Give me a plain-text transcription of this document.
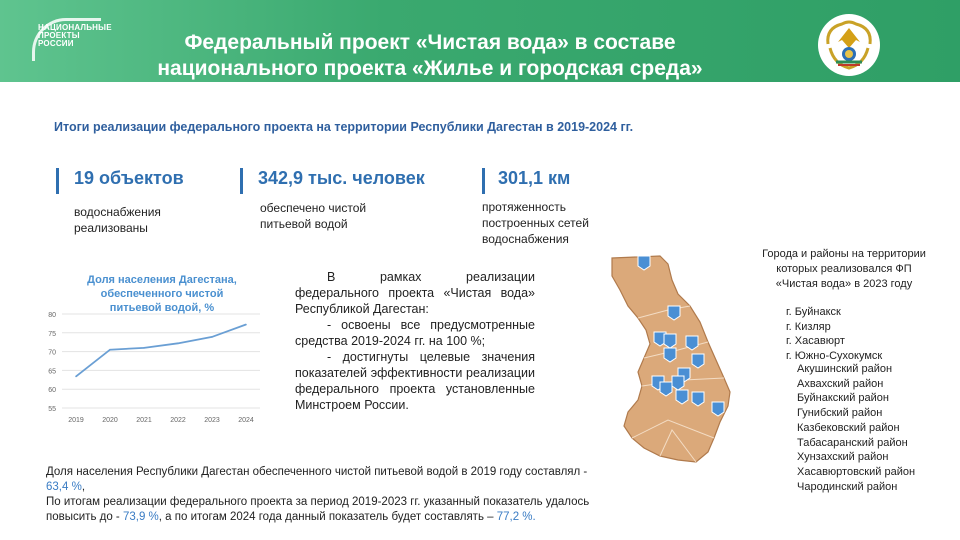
НАЦИОНАЛЬНЫЕ
ПРОЕКТЫ
РОССИИ	Федеральный проект «Чистая вода» в составе
национального проекта «Жилье и городская среда»
Итоги реализации федерального проекта на территории Республики Дагестан в 2019-2024 гг.
19 объектов
водоснабжения
реализованы
342,9 тыс. человек
обеспечено чистой
питьевой водой
301,1 км
протяженность
построенных сетей
водоснабжения
Доля населения Дагестана,
обеспеченного чистой
питьевой водой, %
55
60
65
70
75
80
2019	2020	2021	2022	2023	2024
В рамках реализации федерального проекта «Чистая вода» Республикой Дагестан:
- освоены все предусмотренные средства 2019-2024 гг. на 100 %;
- достигнуты целевые значения показателей эффективности реализации федерального проекта установленные Минстроем России.
Города и районы на территории
которых реализовался ФП
«Чистая вода» в 2023 году
г. Буйнакск
г. Кизляр
г. Хасавюрт
г. Южно-Сухокумск
Акушинский район
Ахвахский район
Буйнакский район
Гунибский район
Казбековский район
Табасаранский район
Хунзахский район
Хасавюртовский район
Чародинский район
Доля населения Республики Дагестан обеспеченного чистой питьевой водой в 2019 году составлял -
63,4 %,
По итогам реализации федерального проекта за период 2019-2023 гг. указанный показатель удалось
повысить до - 73,9 %, а по итогам 2024 года данный показатель будет составлять – 77,2 %.
